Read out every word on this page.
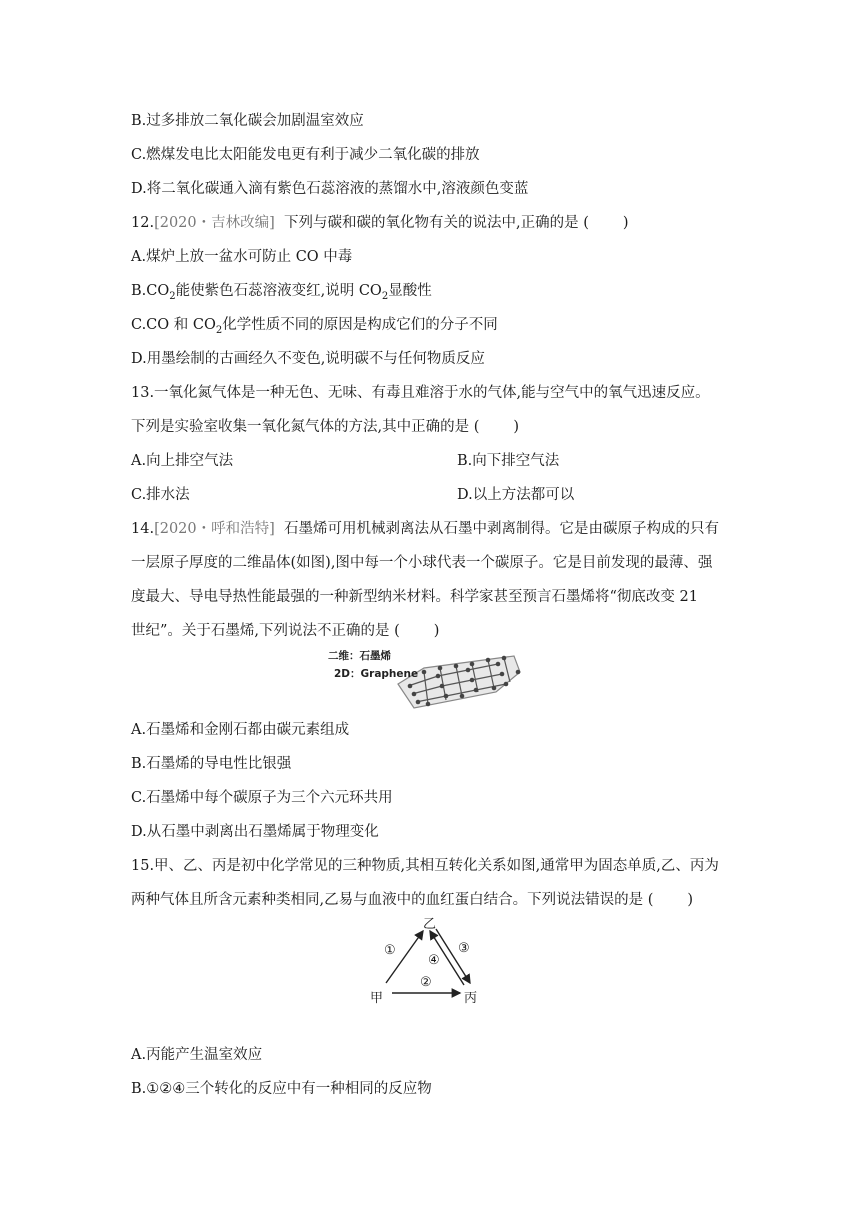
B.过多排放二氧化碳会加剧温室效应
C.燃煤发电比太阳能发电更有利于减少二氧化碳的排放
D.将二氧化碳通入滴有紫色石蕊溶液的蒸馏水中,溶液颜色变蓝
12.[2020・吉林改编] 下列与碳和碳的氧化物有关的说法中,正确的是 ( )
A.煤炉上放一盆水可防止 CO 中毒
$B.CO_2$能使紫色石蕊溶液变红,说明 $CO_2$显酸性
C.CO 和 $CO_2$化学性质不同的原因是构成它们的分子不同
D.用墨绘制的古画经久不变色,说明碳不与任何物质反应
13.一氧化氮气体是一种无色、无味、有毒且难溶于水的气体,能与空气中的氧气迅速反应。
下列是实验室收集一氧化氮气体的方法,其中正确的是 ( )
A.向上排空气法	B.向下排空气法
C.排水法	D.以上方法都可以
14.[2020・呼和浩特] 石墨烯可用机械剥离法从石墨中剥离制得。它是由碳原子构成的只有
一层原子厚度的二维晶体(如图),图中每一个小球代表一个碳原子。它是目前发现的最薄、强
度最大、导电导热性能最强的一种新型纳米材料。科学家甚至预言石墨烯将“彻底改变 21
世纪”。关于石墨烯,下列说法不正确的是 ( )
二维：石墨烯
2D：Graphene
A.石墨烯和金刚石都由碳元素组成
B.石墨烯的导电性比银强
C.石墨烯中每个碳原子为三个六元环共用
D.从石墨中剥离出石墨烯属于物理变化
15.甲、乙、丙是初中化学常见的三种物质,其相互转化关系如图,通常甲为固态单质,乙、丙为
两种气体且所含元素种类相同,乙易与血液中的血红蛋白结合。下列说法错误的是 ( )
乙
甲	丙
①
②
③
④
A.丙能产生温室效应
B.①②④三个转化的反应中有一种相同的反应物
